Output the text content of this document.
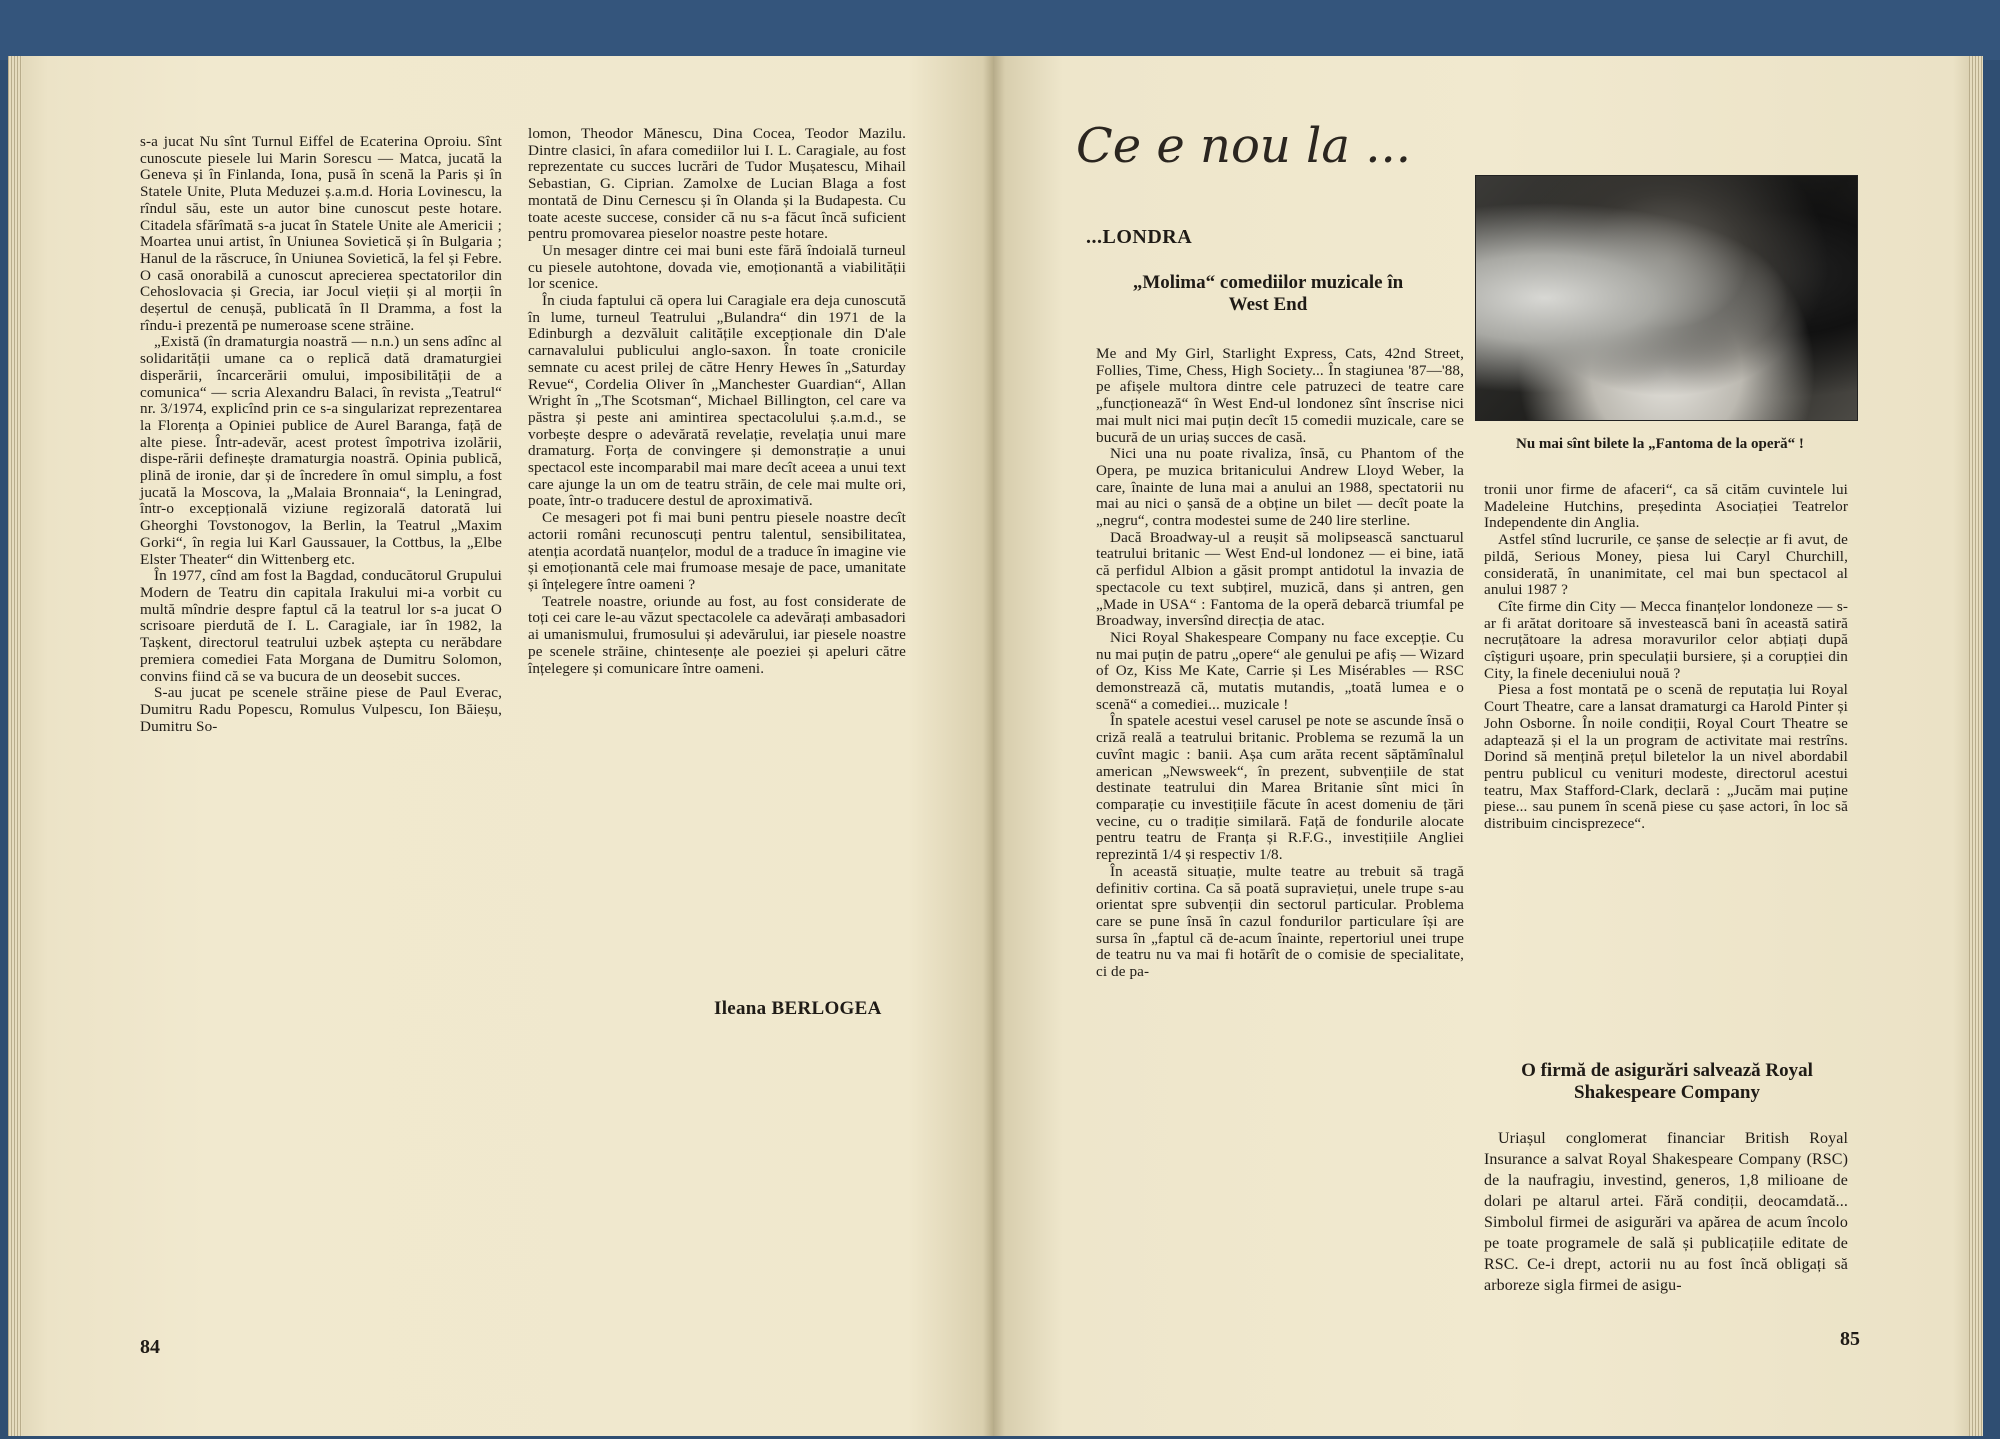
s-a jucat Nu sînt Turnul Eiffel de Ecaterina Oproiu. Sînt cunoscute piesele lui Marin Sorescu — Matca, jucată la Geneva și în Finlanda, Iona, pusă în scenă la Paris și în Statele Unite, Pluta Meduzei ș.a.m.d. Horia Lovinescu, la rîndul său, este un autor bine cunoscut peste hotare. Citadela sfărîmată s-a jucat în Statele Unite ale Americii ; Moartea unui artist, în Uniunea Sovietică și în Bulgaria ; Hanul de la răscruce, în Uniunea Sovietică, la fel și Febre. O casă onorabilă a cunoscut aprecierea spectatorilor din Cehoslovacia și Grecia, iar Jocul vieții și al morții în deșertul de cenușă, publicată în Il Dramma, a fost la rîndu-i prezentă pe numeroase scene străine.

„Există (în dramaturgia noastră — n.n.) un sens adînc al solidarității umane ca o replică dată dramaturgiei disperării, încarcerării omului, imposibilității de a comunica“ — scria Alexandru Balaci, în revista „Teatrul“ nr. 3/1974, explicînd prin ce s-a singularizat reprezentarea la Florența a Opiniei publice de Aurel Baranga, față de alte piese. Într-adevăr, acest protest împotriva izolării, dispe-rării definește dramaturgia noastră. Opinia publică, plină de ironie, dar și de încredere în omul simplu, a fost jucată la Moscova, la „Malaia Bronnaia“, la Leningrad, într-o excepțională viziune regizorală datorată lui Gheorghi Tovstonogov, la Berlin, la Teatrul „Maxim Gorki“, în regia lui Karl Gaussauer, la Cottbus, la „Elbe Elster Theater“ din Wittenberg etc.

În 1977, cînd am fost la Bagdad, conducătorul Grupului Modern de Teatru din capitala Irakului mi-a vorbit cu multă mîndrie despre faptul că la teatrul lor s-a jucat O scrisoare pierdută de I. L. Caragiale, iar în 1982, la Tașkent, directorul teatrului uzbek aștepta cu nerăbdare premiera comediei Fata Morgana de Dumitru Solomon, convins fiind că se va bucura de un deosebit succes.

S-au jucat pe scenele străine piese de Paul Everac, Dumitru Radu Popescu, Romulus Vulpescu, Ion Băieșu, Dumitru So-

lomon, Theodor Mănescu, Dina Cocea, Teodor Mazilu. Dintre clasici, în afara comediilor lui I. L. Caragiale, au fost reprezentate cu succes lucrări de Tudor Mușatescu, Mihail Sebastian, G. Ciprian. Zamolxe de Lucian Blaga a fost montată de Dinu Cernescu și în Olanda și la Budapesta. Cu toate aceste succese, consider că nu s-a făcut încă suficient pentru promovarea pieselor noastre peste hotare.

Un mesager dintre cei mai buni este fără îndoială turneul cu piesele autohtone, dovada vie, emoționantă a viabilității lor scenice.

În ciuda faptului că opera lui Caragiale era deja cunoscută în lume, turneul Teatrului „Bulandra“ din 1971 de la Edinburgh a dezvăluit calitățile excepționale din D'ale carnavalului publicului anglo-saxon. În toate cronicile semnate cu acest prilej de către Henry Hewes în „Saturday Revue“, Cordelia Oliver în „Manchester Guardian“, Allan Wright în „The Scotsman“, Michael Billington, cel care va păstra și peste ani amintirea spectacolului ș.a.m.d., se vorbește despre o adevărată revelație, revelația unui mare dramaturg. Forța de convingere și demonstrație a unui spectacol este incomparabil mai mare decît aceea a unui text care ajunge la un om de teatru străin, de cele mai multe ori, poate, într-o traducere destul de aproximativă.

Ce mesageri pot fi mai buni pentru piesele noastre decît actorii români recunoscuți pentru talentul, sensibilitatea, atenția acordată nuanțelor, modul de a traduce în imagine vie și emoționantă cele mai frumoase mesaje de pace, umanitate și înțelegere între oameni ?

Teatrele noastre, oriunde au fost, au fost considerate de toți cei care le-au văzut spectacolele ca adevărați ambasadori ai umanismului, frumosului și adevărului, iar piesele noastre pe scenele străine, chintesențe ale poeziei și apeluri către înțelegere și comunicare între oameni.

Ileana BERLOGEA
84
Ce e nou la ...
...LONDRA
„Molima“ comediilor muzicale în West End

Me and My Girl, Starlight Express, Cats, 42nd Street, Follies, Time, Chess, High Society... În stagiunea '87—'88, pe afișele multora dintre cele patruzeci de teatre care „funcționează“ în West End-ul londonez sînt înscrise nici mai mult nici mai puțin decît 15 comedii muzicale, care se bucură de un uriaș succes de casă.

Nici una nu poate rivaliza, însă, cu Phantom of the Opera, pe muzica britanicului Andrew Lloyd Weber, la care, înainte de luna mai a anului an 1988, spectatorii nu mai au nici o șansă de a obține un bilet — decît poate la „negru“, contra modestei sume de 240 lire sterline.

Dacă Broadway-ul a reușit să molipsească sanctuarul teatrului britanic — West End-ul londonez — ei bine, iată că perfidul Albion a găsit prompt antidotul la invazia de spectacole cu text subțirel, muzică, dans și antren, gen „Made in USA“ : Fantoma de la operă debarcă triumfal pe Broadway, inversînd direcția de atac.

Nici Royal Shakespeare Company nu face excepție. Cu nu mai puțin de patru „opere“ ale genului pe afiș — Wizard of Oz, Kiss Me Kate, Carrie și Les Misérables — RSC demonstrează că, mutatis mutandis, „toată lumea e o scenă“ a comediei... muzicale !

În spatele acestui vesel carusel pe note se ascunde însă o criză reală a teatrului britanic. Problema se rezumă la un cuvînt magic : banii. Așa cum arăta recent săptămînalul american „Newsweek“, în prezent, subvențiile de stat destinate teatrului din Marea Britanie sînt mici în comparație cu investițiile făcute în acest domeniu de țări vecine, cu o tradiție similară. Față de fondurile alocate pentru teatru de Franța și R.F.G., investițiile Angliei reprezintă 1/4 și respectiv 1/8.

În această situație, multe teatre au trebuit să tragă definitiv cortina. Ca să poată supraviețui, unele trupe s-au orientat spre subvenții din sectorul particular. Problema care se pune însă în cazul fondurilor particulare își are sursa în „faptul că de-acum înainte, repertoriul unei trupe de teatru nu va mai fi hotărît de o comisie de specialitate, ci de pa-

Nu mai sînt bilete la „Fantoma de la operă“ !

tronii unor firme de afaceri“, ca să cităm cuvintele lui Madeleine Hutchins, președinta Asociației Teatrelor Independente din Anglia.

Astfel stînd lucrurile, ce șanse de selecție ar fi avut, de pildă, Serious Money, piesa lui Caryl Churchill, considerată, în unanimitate, cel mai bun spectacol al anului 1987 ?

Cîte firme din City — Mecca finanțelor londoneze — s-ar fi arătat doritoare să investească bani în această satiră necruțătoare la adresa moravurilor celor abțiați după cîștiguri ușoare, prin speculații bursiere, și a corupției din City, la finele deceniului nouă ?

Piesa a fost montată pe o scenă de reputația lui Royal Court Theatre, care a lansat dramaturgi ca Harold Pinter și John Osborne. În noile condiții, Royal Court Theatre se adaptează și el la un program de activitate mai restrîns. Dorind să mențină prețul biletelor la un nivel abordabil pentru publicul cu venituri modeste, directorul acestui teatru, Max Stafford-Clark, declară : „Jucăm mai puține piese... sau punem în scenă piese cu șase actori, în loc să distribuim cincisprezece“.

O firmă de asigurări salvează Royal Shakespeare Company

Uriașul conglomerat financiar British Royal Insurance a salvat Royal Shakespeare Company (RSC) de la naufragiu, investind, generos, 1,8 milioane de dolari pe altarul artei. Fără condiții, deocamdată... Simbolul firmei de asigurări va apărea de acum încolo pe toate programele de sală și publicațiile editate de RSC. Ce-i drept, actorii nu au fost încă obligați să arboreze sigla firmei de asigu-

85
